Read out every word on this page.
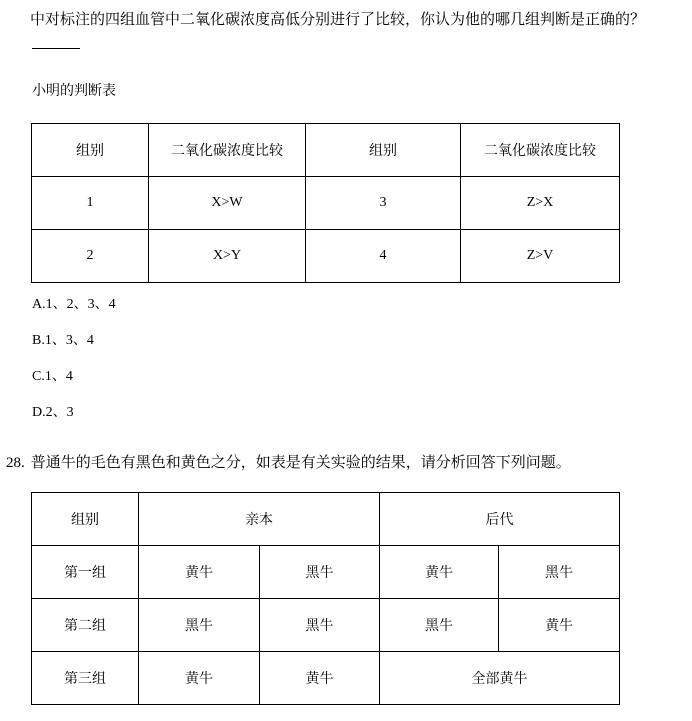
中对标注的四组血管中二氧化碳浓度高低分别进行了比较，你认为他的哪几组判断是正确的？
小明的判断表
组别	二氧化碳浓度比较	组别	二氧化碳浓度比较
1	X>W	3	Z>X
2	X>Y	4	Z>V
A.1、2、3、4
B.1、3、4
C.1、4
D.2、3
28. 普通牛的毛色有黑色和黄色之分，如表是有关实验的结果，请分析回答下列问题。
组别	亲本		后代	
第一组	黄牛	黑牛	黄牛	黑牛
第二组	黑牛	黑牛	黑牛	黄牛
第三组	黄牛	黄牛	全部黄牛	
